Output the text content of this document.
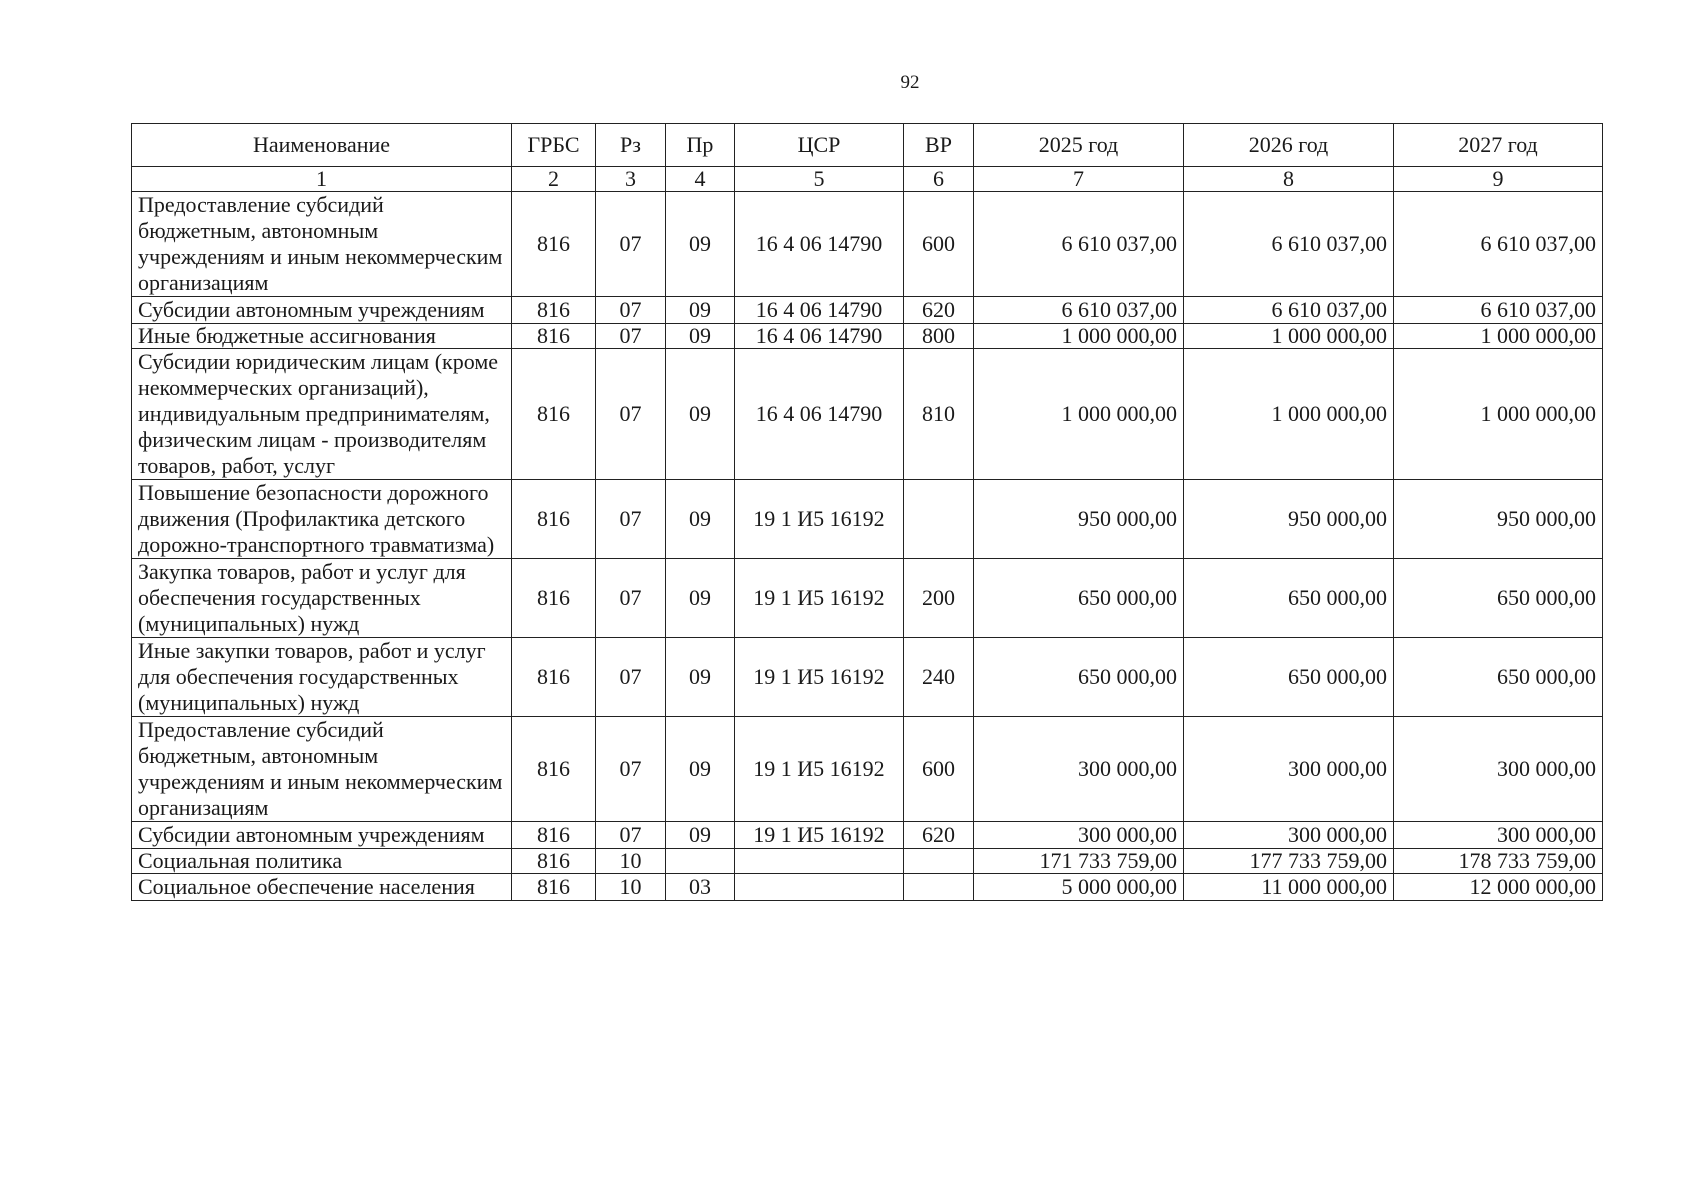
92
Наименование	ГРБС	Рз	Пр	ЦСР	ВР	2025 год	2026 год	2027 год
1	2	3	4	5	6	7	8	9
Предоставление субсидий бюджетным, автономным учреждениям и иным некоммерческим организациям	816	07	09	16 4 06 14790	600	6 610 037,00	6 610 037,00	6 610 037,00
Субсидии автономным учреждениям	816	07	09	16 4 06 14790	620	6 610 037,00	6 610 037,00	6 610 037,00
Иные бюджетные ассигнования	816	07	09	16 4 06 14790	800	1 000 000,00	1 000 000,00	1 000 000,00
Субсидии юридическим лицам (кроме некоммерческих организаций), индивидуальным предпринимателям, физическим лицам - производителям товаров, работ, услуг	816	07	09	16 4 06 14790	810	1 000 000,00	1 000 000,00	1 000 000,00
Повышение безопасности дорожного движения (Профилактика детского дорожно-транспортного травматизма)	816	07	09	19 1 И5 16192		950 000,00	950 000,00	950 000,00
Закупка товаров, работ и услуг для обеспечения государственных (муниципальных) нужд	816	07	09	19 1 И5 16192	200	650 000,00	650 000,00	650 000,00
Иные закупки товаров, работ и услуг для обеспечения государственных (муниципальных) нужд	816	07	09	19 1 И5 16192	240	650 000,00	650 000,00	650 000,00
Предоставление субсидий бюджетным, автономным учреждениям и иным некоммерческим организациям	816	07	09	19 1 И5 16192	600	300 000,00	300 000,00	300 000,00
Субсидии автономным учреждениям	816	07	09	19 1 И5 16192	620	300 000,00	300 000,00	300 000,00
Социальная политика	816	10				171 733 759,00	177 733 759,00	178 733 759,00
Социальное обеспечение населения	816	10	03			5 000 000,00	11 000 000,00	12 000 000,00
